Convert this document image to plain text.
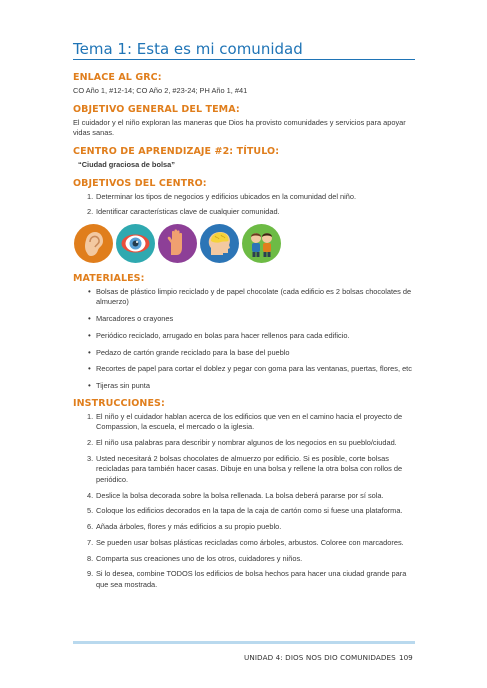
Tema 1: Esta es mi comunidad
ENLACE AL GRC:
CO Año 1, #12-14; CO Año 2, #23-24; PH Año 1, #41
OBJETIVO GENERAL DEL TEMA:
El cuidador y el niño exploran las maneras que Dios ha provisto comunidades y servicios para apoyar vidas sanas.
CENTRO DE APRENDIZAJE #2: TÍTULO:
“Ciudad graciosa de bolsa”
OBJETIVOS DEL CENTRO:
1. Determinar los tipos de negocios y edificios ubicados en la comunidad del niño.
2. Identificar características clave de cualquier comunidad.
MATERIALES:
• Bolsas de plástico limpio reciclado y de papel chocolate (cada edificio es 2 bolsas chocolates de almuerzo)
• Marcadores o crayones
• Periódico reciclado, arrugado en bolas para hacer rellenos para cada edificio.
• Pedazo de cartón grande reciclado para la base del pueblo
• Recortes de papel para cortar el doblez y pegar con goma para las ventanas, puertas, flores, etc
• Tijeras sin punta
INSTRUCCIONES:
1. El niño y el cuidador hablan acerca de los edificios que ven en el camino hacia el proyecto de Compassion, la escuela, el mercado o la iglesia.
2. El niño usa palabras para describir y nombrar algunos de los negocios en su pueblo/ciudad.
3. Usted necesitará 2 bolsas chocolates de almuerzo por edificio. Si es posible, corte bolsas recicladas para también hacer casas. Dibuje en una bolsa y rellene la otra bolsa con rollos de periódico.
4. Deslice la bolsa decorada sobre la bolsa rellenada. La bolsa deberá pararse por sí sola.
5. Coloque los edificios decorados en la tapa de la caja de cartón como si fuese una plataforma.
6. Añada árboles, flores y más edificios a su propio pueblo.
7. Se pueden usar bolsas plásticas recicladas como árboles, arbustos. Coloree con marcadores.
8. Comparta sus creaciones uno de los otros, cuidadores y niños.
9. Si lo desea, combine TODOS los edificios de bolsa hechos para hacer una ciudad grande para que sea mostrada.
UNIDAD 4: DIOS NOS DIO COMUNIDADES 109
